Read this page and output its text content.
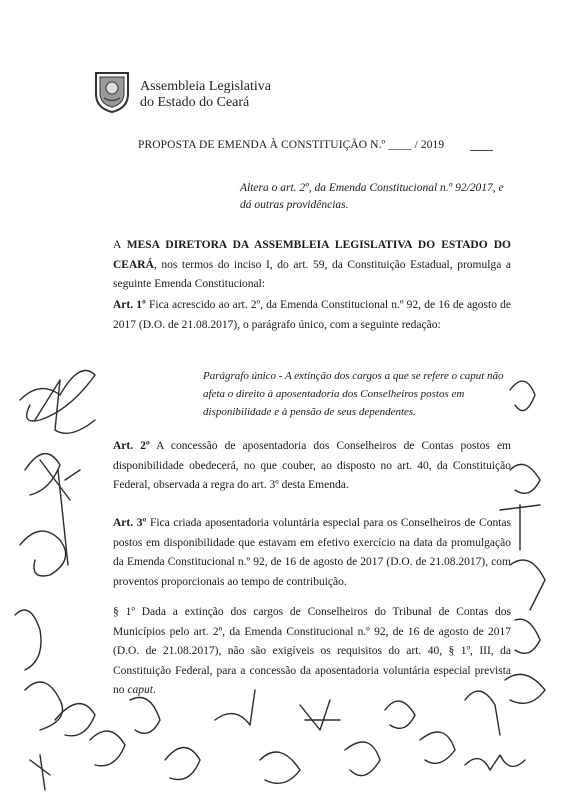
Assembleia Legislativa
do Estado do Ceará
PROPOSTA DE EMENDA À CONSTITUIÇÃO N.º ____ / 2019
Altera o art. 2º, da Emenda Constitucional n.º 92/2017, e dá outras providências.
A MESA DIRETORA DA ASSEMBLEIA LEGISLATIVA DO ESTADO DO CEARÁ, nos termos do inciso I, do art. 59, da Constituição Estadual, promulga a seguinte Emenda Constitucional:
Art. 1º Fica acrescido ao art. 2º, da Emenda Constitucional n.º 92, de 16 de agosto de 2017 (D.O. de 21.08.2017), o parágrafo único, com a seguinte redação:
Parágrafo único - A extinção dos cargos a que se refere o caput não afeta o direito à aposentadoria dos Conselheiros postos em disponibilidade e à pensão de seus dependentes.
Art. 2º A concessão de aposentadoria dos Conselheiros de Contas postos em disponibilidade obedecerá, no que couber, ao disposto no art. 40, da Constituição Federal, observada a regra do art. 3º desta Emenda.
Art. 3º Fica criada aposentadoria voluntária especial para os Conselheiros de Contas postos em disponibilidade que estavam em efetivo exercício na data da promulgação da Emenda Constitucional n.º 92, de 16 de agosto de 2017 (D.O. de 21.08.2017), com proventos proporcionais ao tempo de contribuição.
§ 1º Dada a extinção dos cargos de Conselheiros do Tribunal de Contas dos Municípios pelo art. 2º, da Emenda Constitucional n.º 92, de 16 de agosto de 2017 (D.O. de 21.08.2017), não são exigíveis os requisitos do art. 40, § 1º, III, da Constituição Federal, para a concessão da aposentadoria voluntária especial prevista no caput.
